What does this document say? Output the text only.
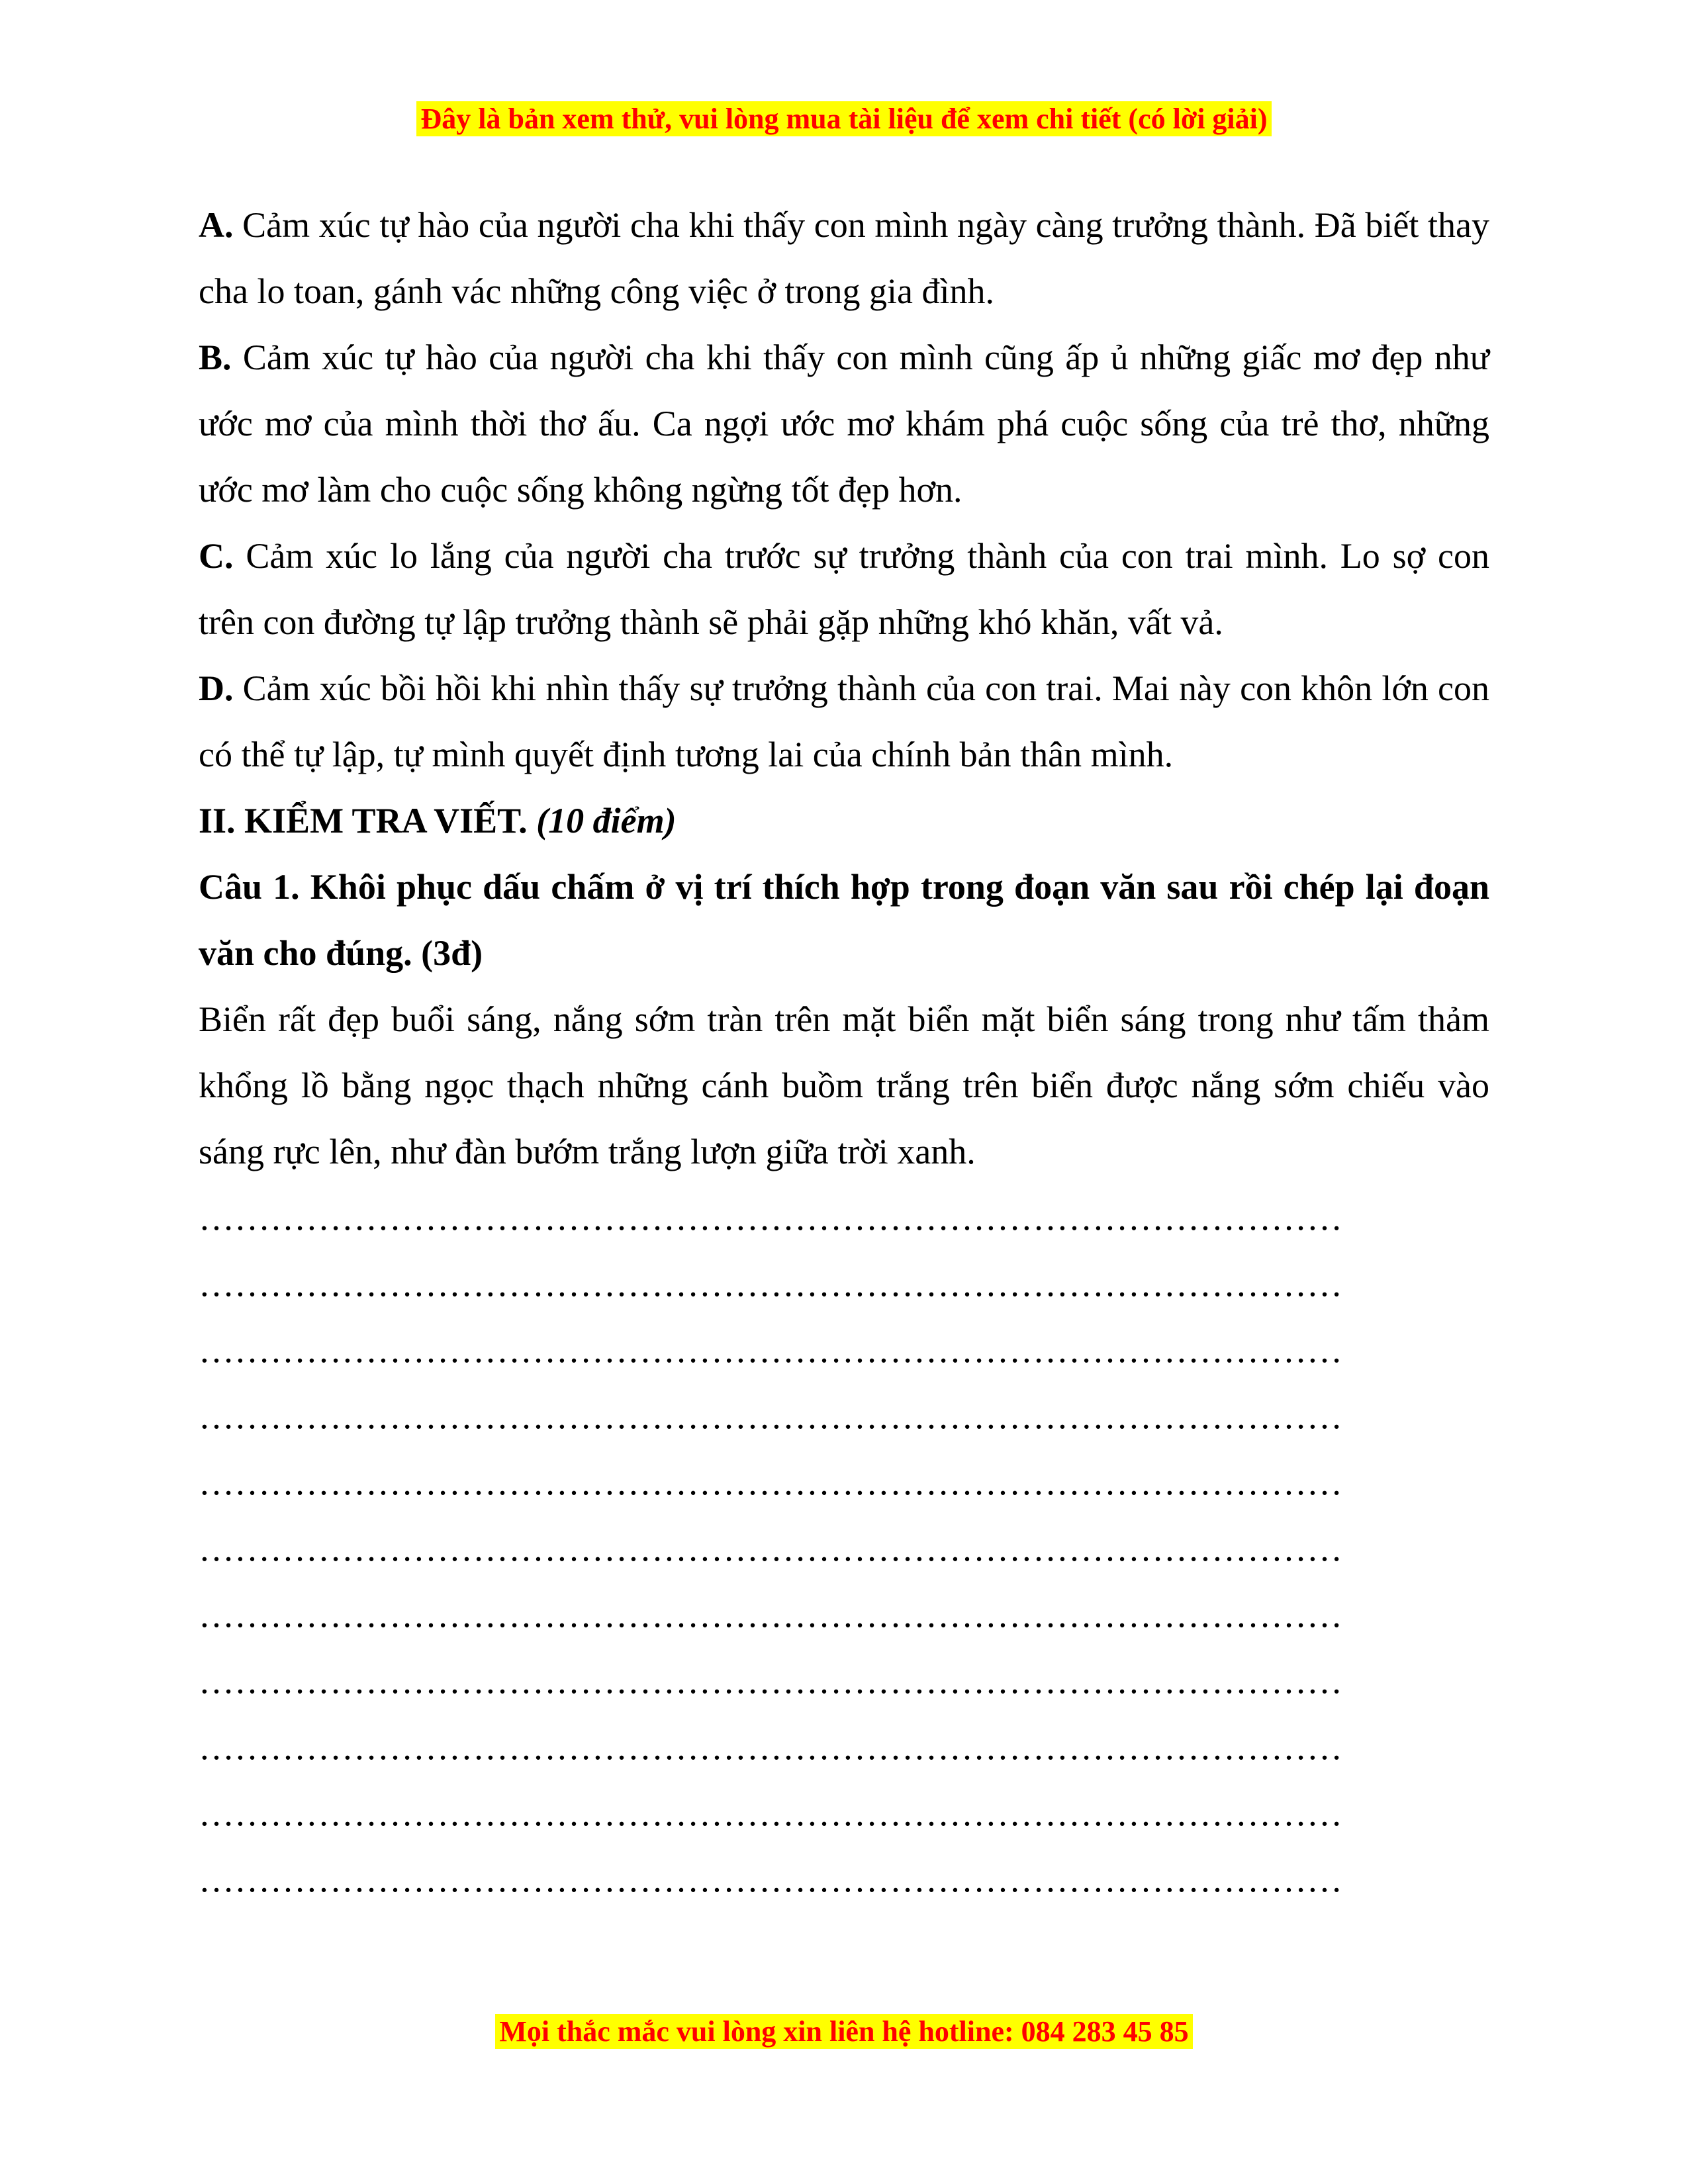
Đây là bản xem thử, vui lòng mua tài liệu để xem chi tiết (có lời giải)

A. Cảm xúc tự hào của người cha khi thấy con mình ngày càng trưởng thành. Đã biết thay cha lo toan, gánh vác những công việc ở trong gia đình.

B. Cảm xúc tự hào của người cha khi thấy con mình cũng ấp ủ những giấc mơ đẹp như ước mơ của mình thời thơ ấu. Ca ngợi ước mơ khám phá cuộc sống của trẻ thơ, những ước mơ làm cho cuộc sống không ngừng tốt đẹp hơn.

C. Cảm xúc lo lắng của người cha trước sự trưởng thành của con trai mình. Lo sợ con trên con đường tự lập trưởng thành sẽ phải gặp những khó khăn, vất vả.

D. Cảm xúc bồi hồi khi nhìn thấy sự trưởng thành của con trai. Mai này con khôn lớn con có thể tự lập, tự mình quyết định tương lai của chính bản thân mình.

II. KIỂM TRA VIẾT. (10 điểm)

Câu 1. Khôi phục dấu chấm ở vị trí thích hợp trong đoạn văn sau rồi chép lại đoạn văn cho đúng. (3đ)

Biển rất đẹp buổi sáng, nắng sớm tràn trên mặt biển mặt biển sáng trong như tấm thảm khổng lồ bằng ngọc thạch những cánh buồm trắng trên biển được nắng sớm chiếu vào sáng rực lên, như đàn bướm trắng lượn giữa trời xanh.

……………………………………………………………………………………
……………………………………………………………………………………
……………………………………………………………………………………
……………………………………………………………………………………
……………………………………………………………………………………
……………………………………………………………………………………
……………………………………………………………………………………
……………………………………………………………………………………
……………………………………………………………………………………
……………………………………………………………………………………
……………………………………………………………………………………
Mọi thắc mắc vui lòng xin liên hệ hotline: 084 283 45 85
